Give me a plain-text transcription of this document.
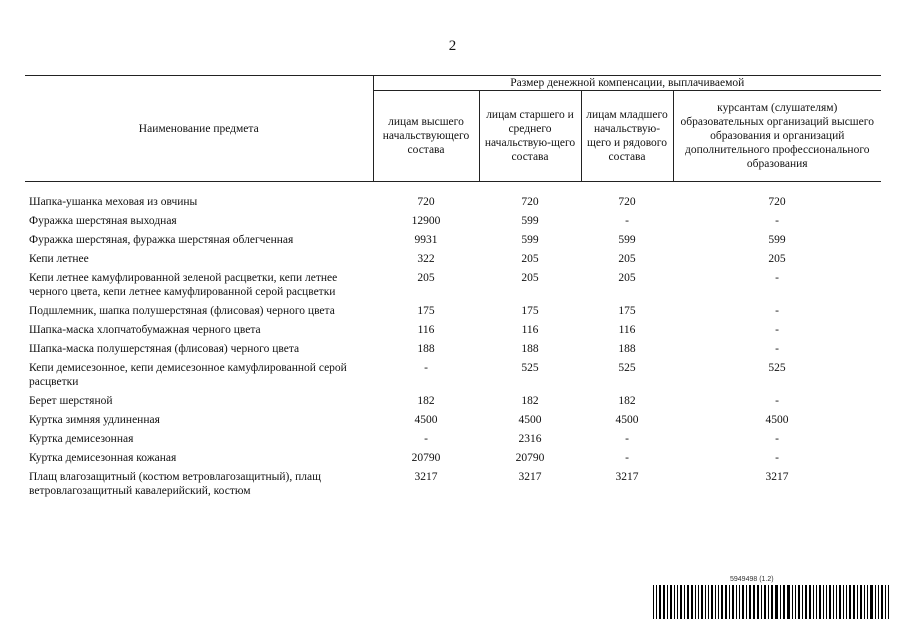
2
Наименование предмета	Размер денежной компенсации, выплачиваемой			
	лицам высшего начальствующего состава	лицам старшего и среднего начальствую-щего состава	лицам младшего начальствую-щего и рядового состава	курсантам (слушателям) образовательных организаций высшего образования и организаций дополнительного профессионального образования
Шапка-ушанка меховая из овчины	720	720	720	720
Фуражка шерстяная выходная	12900	599	-	-
Фуражка шерстяная, фуражка шерстяная облегченная	9931	599	599	599
Кепи летнее	322	205	205	205
Кепи летнее камуфлированной зеленой расцветки, кепи летнее черного цвета, кепи летнее камуфлированной серой расцветки	205	205	205	-
Подшлемник, шапка полушерстяная (флисовая) черного цвета	175	175	175	-
Шапка-маска хлопчатобумажная черного цвета	116	116	116	-
Шапка-маска полушерстяная (флисовая) черного цвета	188	188	188	-
Кепи демисезонное, кепи демисезонное камуфлированной серой расцветки	-	525	525	525
Берет шерстяной	182	182	182	-
Куртка зимняя удлиненная	4500	4500	4500	4500
Куртка демисезонная	-	2316	-	-
Куртка демисезонная кожаная	20790	20790	-	-
Плащ влагозащитный (костюм ветровлагозащитный), плащ ветровлагозащитный кавалерийский, костюм	3217	3217	3217	3217
5949498 (1.2)
